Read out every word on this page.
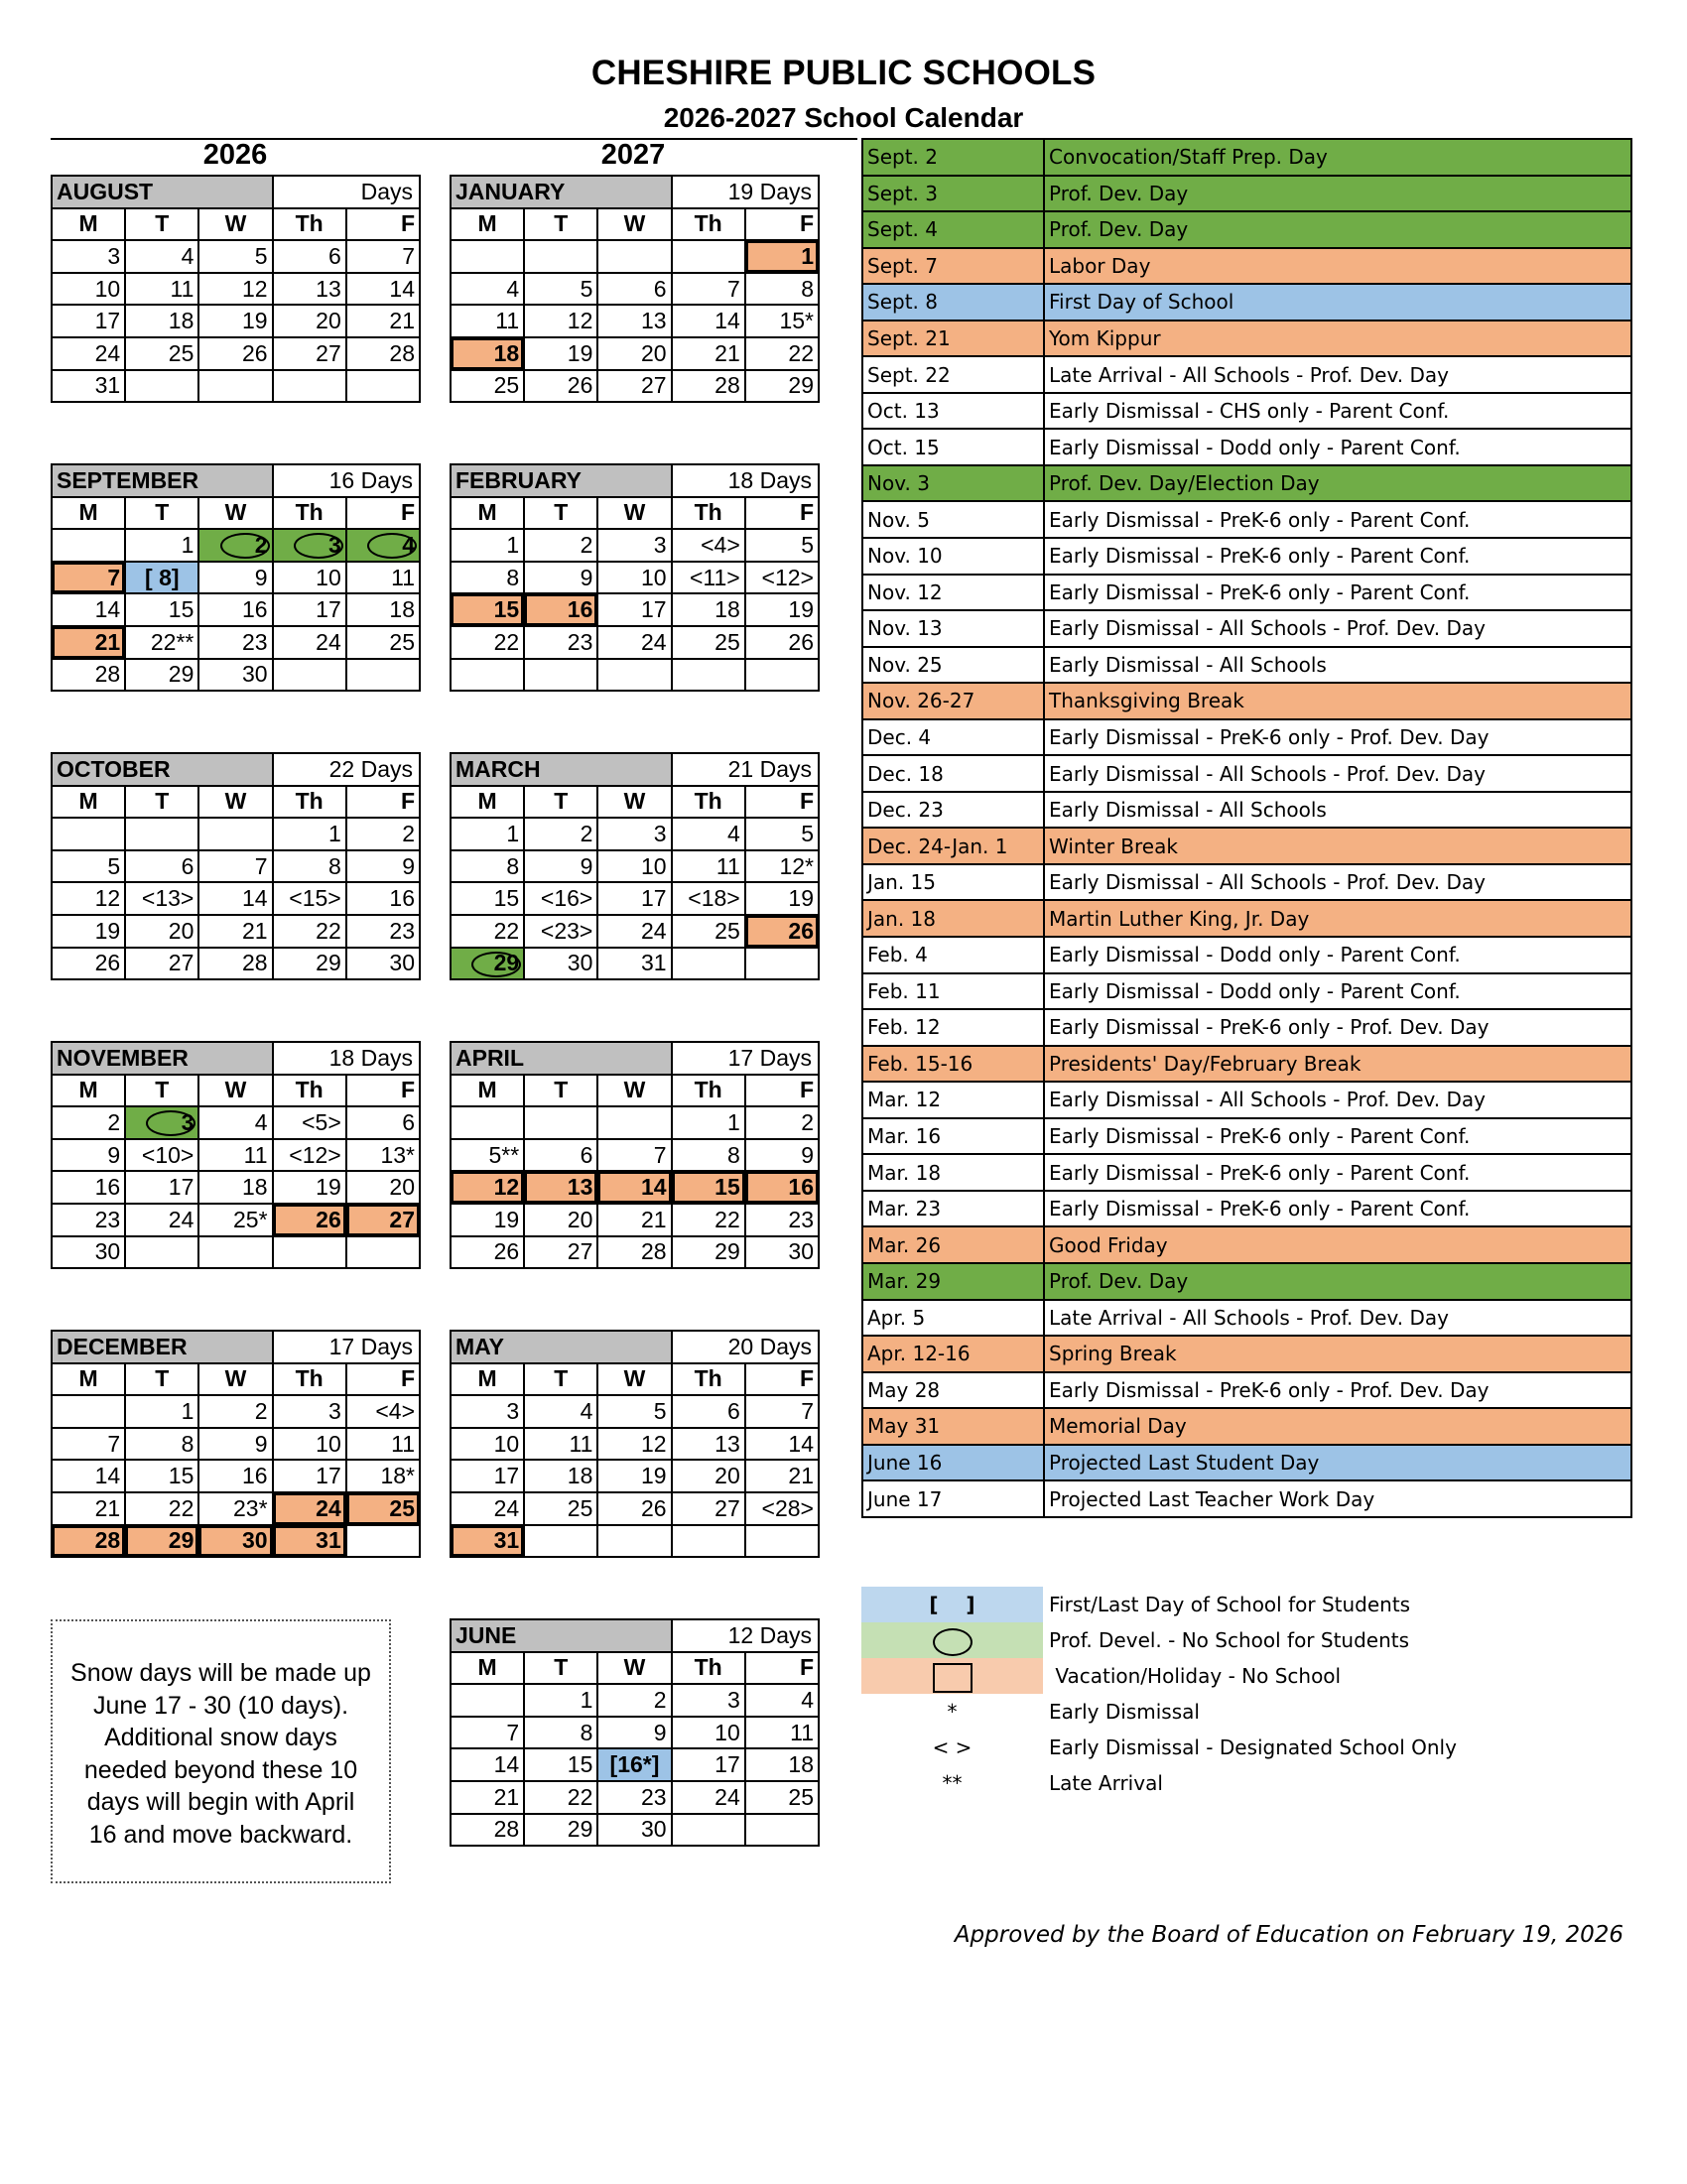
CHESHIRE PUBLIC SCHOOLS
2026-2027 School Calendar
2026	2027
AUGUST			Days	
M	T	W	Th	F
3	4	5	6	7
10	11	12	13	14
17	18	19	20	21
24	25	26	27	28
31				
SEPTEMBER			16 Days	
M	T	W	Th	F
	1	2	3	4
7	[ 8]	9	10	11
14	15	16	17	18
21	22**	23	24	25
28	29	30		
OCTOBER			22 Days	
M	T	W	Th	F
			1	2
5	6	7	8	9
12	<13>	14	<15>	16
19	20	21	22	23
26	27	28	29	30
NOVEMBER			18 Days	
M	T	W	Th	F
2	3	4	<5>	6
9	<10>	11	<12>	13*
16	17	18	19	20
23	24	25*	26	27
30				
DECEMBER			17 Days	
M	T	W	Th	F
	1	2	3	<4>
7	8	9	10	11
14	15	16	17	18*
21	22	23*	24	25
28	29	30	31	
JANUARY			19 Days	
M	T	W	Th	F
				1
4	5	6	7	8
11	12	13	14	15*
18	19	20	21	22
25	26	27	28	29
FEBRUARY			18 Days	
M	T	W	Th	F
1	2	3	<4>	5
8	9	10	<11>	<12>
15	16	17	18	19
22	23	24	25	26

MARCH			21 Days	
M	T	W	Th	F
1	2	3	4	5
8	9	10	11	12*
15	<16>	17	<18>	19
22	<23>	24	25	26
29	30	31		
APRIL			17 Days	
M	T	W	Th	F
			1	2
5**	6	7	8	9
12	13	14	15	16
19	20	21	22	23
26	27	28	29	30
MAY			20 Days	
M	T	W	Th	F
3	4	5	6	7
10	11	12	13	14
17	18	19	20	21
24	25	26	27	<28>
31				
JUNE			12 Days	
M	T	W	Th	F
	1	2	3	4
7	8	9	10	11
14	15	[16*]	17	18
21	22	23	24	25
28	29	30		
Sept. 2	Convocation/Staff Prep. Day
Sept. 3	Prof. Dev. Day
Sept. 4	Prof. Dev. Day
Sept. 7	Labor Day
Sept. 8	First Day of School
Sept. 21	Yom Kippur
Sept. 22	Late Arrival - All Schools - Prof. Dev. Day
Oct. 13	Early Dismissal - CHS only - Parent Conf.
Oct. 15	Early Dismissal - Dodd only - Parent Conf.
Nov. 3	Prof. Dev. Day/Election Day
Nov. 5	Early Dismissal - PreK-6 only - Parent Conf.
Nov. 10	Early Dismissal - PreK-6 only - Parent Conf.
Nov. 12	Early Dismissal - PreK-6 only - Parent Conf.
Nov. 13	Early Dismissal - All Schools - Prof. Dev. Day
Nov. 25	Early Dismissal - All Schools
Nov. 26-27	Thanksgiving Break
Dec. 4	Early Dismissal - PreK-6 only - Prof. Dev. Day
Dec. 18	Early Dismissal - All Schools - Prof. Dev. Day
Dec. 23	Early Dismissal - All Schools
Dec. 24-Jan. 1	Winter Break
Jan. 15	Early Dismissal - All Schools - Prof. Dev. Day
Jan. 18	Martin Luther King, Jr. Day
Feb. 4	Early Dismissal - Dodd only - Parent Conf.
Feb. 11	Early Dismissal - Dodd only - Parent Conf.
Feb. 12	Early Dismissal - PreK-6 only - Prof. Dev. Day
Feb. 15-16	Presidents' Day/February Break
Mar. 12	Early Dismissal - All Schools - Prof. Dev. Day
Mar. 16	Early Dismissal - PreK-6 only - Parent Conf.
Mar. 18	Early Dismissal - PreK-6 only - Parent Conf.
Mar. 23	Early Dismissal - PreK-6 only - Parent Conf.
Mar. 26	Good Friday
Mar. 29	Prof. Dev. Day
Apr. 5	Late Arrival - All Schools - Prof. Dev. Day
Apr. 12-16	Spring Break
May 28	Early Dismissal - PreK-6 only - Prof. Dev. Day
May 31	Memorial Day
June 16	Projected Last Student Day
June 17	Projected Last Teacher Work Day
Snow days will be made up
June 17 - 30 (10 days).
Additional snow days
needed beyond these 10
days will begin with April
16 and move backward.
[    ]	First/Last Day of School for Students
Prof. Devel. - No School for Students
Vacation/Holiday - No School
*	Early Dismissal
< >	Early Dismissal - Designated School Only
**	Late Arrival
Approved by the Board of Education on February 19, 2026
